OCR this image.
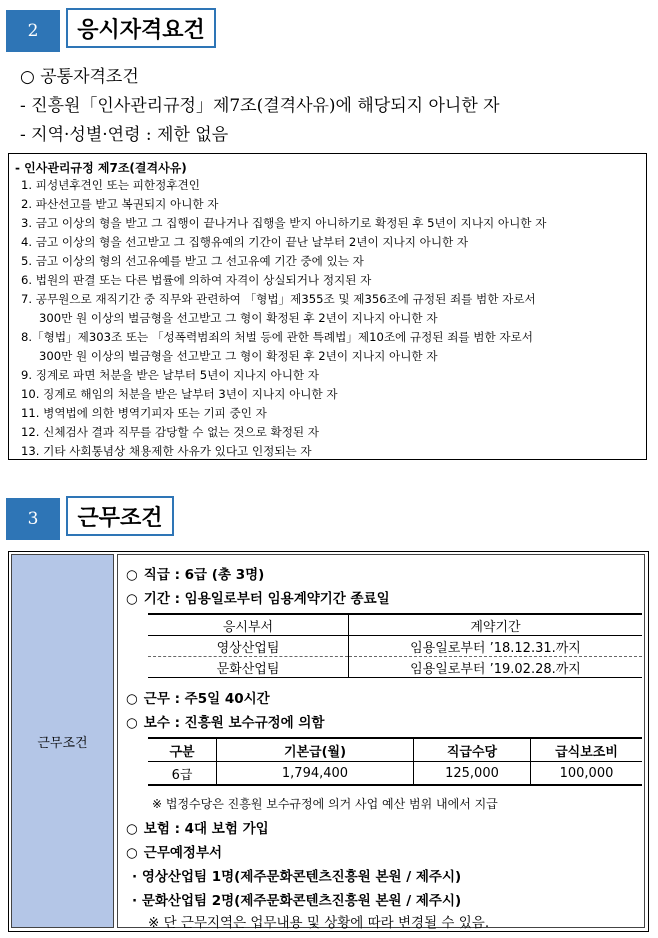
2	응시자격요건
○ 공통자격조건
- 진흥원「인사관리규정」제7조(결격사유)에 해당되지 아니한 자
- 지역·성별·연령 : 제한 없음
- 인사관리규정 제7조(결격사유)
1. 피성년후견인 또는 피한정후견인
2. 파산선고를 받고 복권되지 아니한 자
3. 금고 이상의 형을 받고 그 집행이 끝나거나 집행을 받지 아니하기로 확정된 후 5년이 지나지 아니한 자
4. 금고 이상의 형을 선고받고 그 집행유예의 기간이 끝난 날부터 2년이 지나지 아니한 자
5. 금고 이상의 형의 선고유예를 받고 그 선고유예 기간 중에 있는 자
6. 법원의 판결 또는 다른 법률에 의하여 자격이 상실되거나 정지된 자
7. 공무원으로 재직기간 중 직무와 관련하여 「형법」제355조 및 제356조에 규정된 죄를 범한 자로서
300만 원 이상의 벌금형을 선고받고 그 형이 확정된 후 2년이 지나지 아니한 자
8.「형법」제303조 또는 「성폭력범죄의 처벌 등에 관한 특례법」제10조에 규정된 죄를 범한 자로서
300만 원 이상의 벌금형을 선고받고 그 형이 확정된 후 2년이 지나지 아니한 자
9. 징계로 파면 처분을 받은 날부터 5년이 지나지 아니한 자
10. 징계로 해임의 처분을 받은 날부터 3년이 지나지 아니한 자
11. 병역법에 의한 병역기피자 또는 기피 중인 자
12. 신체검사 결과 직무를 감당할 수 없는 것으로 확정된 자
13. 기타 사회통념상 채용제한 사유가 있다고 인정되는 자
3	근무조건
근무조건
○ 직급 : 6급 (총 3명)
○ 기간 : 임용일로부터 임용계약기간 종료일
응시부서	계약기간
영상산업팀	임용일로부터 ’18.12.31.까지
문화산업팀	임용일로부터 ’19.02.28.까지
○ 근무 : 주5일 40시간
○ 보수 : 진흥원 보수규정에 의함
구분	기본급(월)	직급수당	급식보조비
6급	1,794,400	125,000	100,000
※ 법정수당은 진흥원 보수규정에 의거 사업 예산 범위 내에서 지급
○ 보험 : 4대 보험 가입
○ 근무예정부서
· 영상산업팀 1명(제주문화콘텐츠진흥원 본원 / 제주시)
· 문화산업팀 2명(제주문화콘텐츠진흥원 본원 / 제주시)
※ 단 근무지역은 업무내용 및 상황에 따라 변경될 수 있음.
